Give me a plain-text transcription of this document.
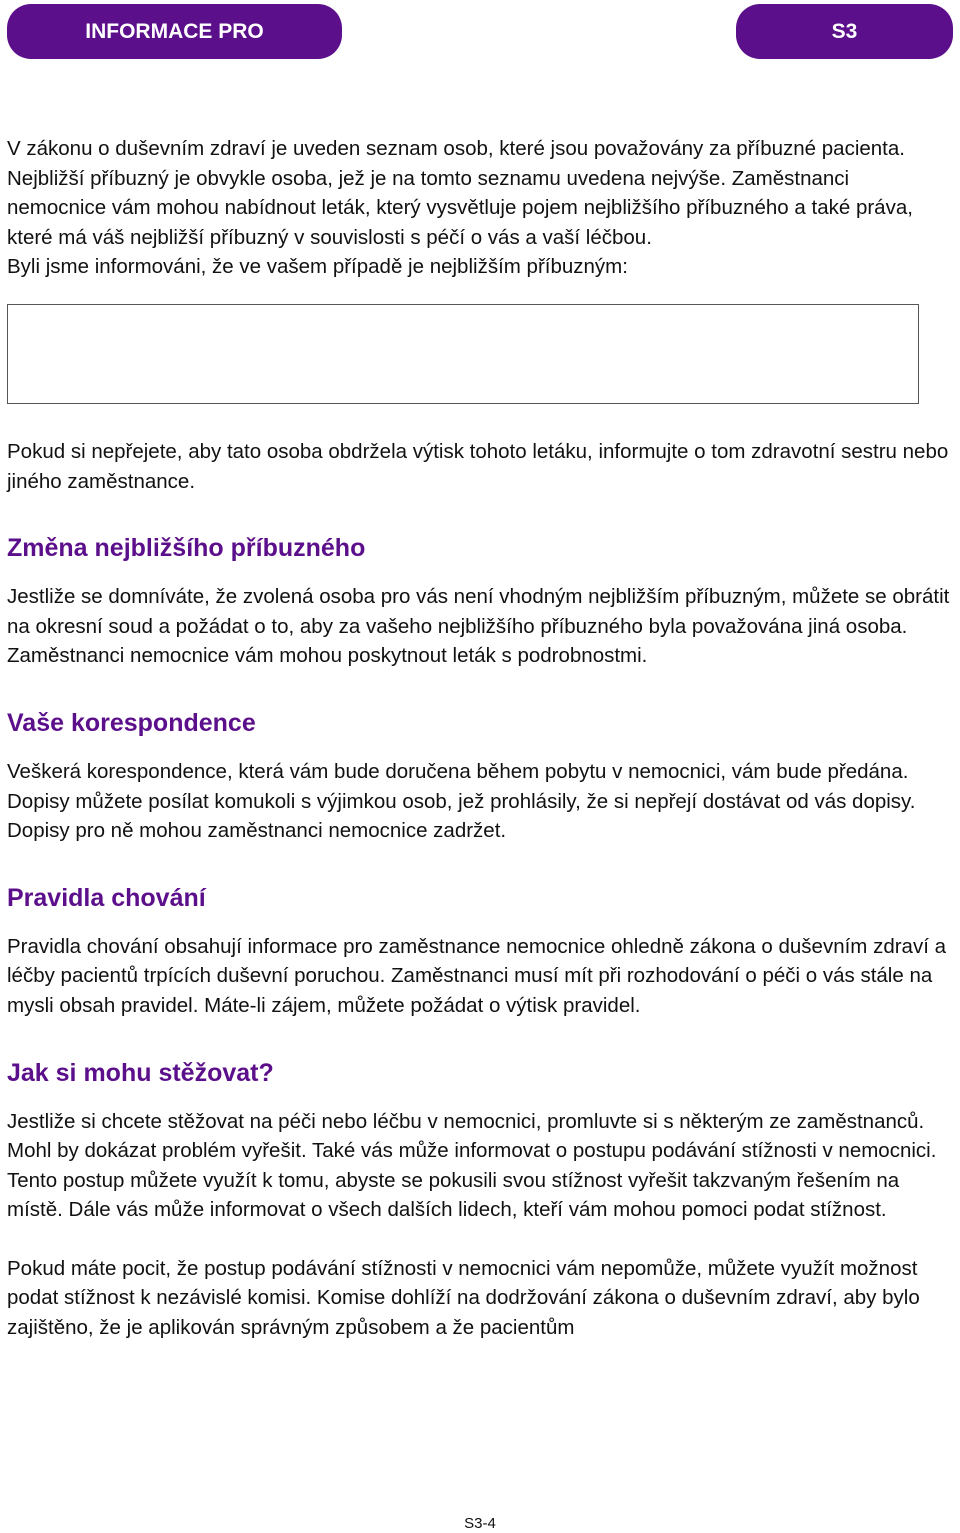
INFORMACE PRO	S3

V zákonu o duševním zdraví je uveden seznam osob, které jsou považovány za příbuzné pacienta. Nejbližší příbuzný je obvykle osoba, jež je na tomto seznamu uvedena nejvýše. Zaměstnanci nemocnice vám mohou nabídnout leták, který vysvětluje pojem nejbližšího příbuzného a také práva, které má váš nejbližší příbuzný v souvislosti s péčí o vás a vaší léčbou.

Byli jsme informováni, že ve vašem případě je nejbližším příbuzným:

Pokud si nepřejete, aby tato osoba obdržela výtisk tohoto letáku, informujte o tom zdravotní sestru nebo jiného zaměstnance.

Změna nejbližšího příbuzného

Jestliže se domníváte, že zvolená osoba pro vás není vhodným nejbližším příbuzným, můžete se obrátit na okresní soud a požádat o to, aby za vašeho nejbližšího příbuzného byla považována jiná osoba.

Zaměstnanci nemocnice vám mohou poskytnout leták s podrobnostmi.

Vaše korespondence

Veškerá korespondence, která vám bude doručena během pobytu v nemocnici, vám bude předána. Dopisy můžete posílat komukoli s výjimkou osob, jež prohlásily, že si nepřejí dostávat od vás dopisy. Dopisy pro ně mohou zaměstnanci nemocnice zadržet.

Pravidla chování

Pravidla chování obsahují informace pro zaměstnance nemocnice ohledně zákona o duševním zdraví a léčby pacientů trpících duševní poruchou. Zaměstnanci musí mít při rozhodování o péči o vás stále na mysli obsah pravidel. Máte-li zájem, můžete požádat o výtisk pravidel.

Jak si mohu stěžovat?

Jestliže si chcete stěžovat na péči nebo léčbu v nemocnici, promluvte si s některým ze zaměstnanců. Mohl by dokázat problém vyřešit. Také vás může informovat o postupu podávání stížnosti v nemocnici. Tento postup můžete využít k tomu, abyste se pokusili svou stížnost vyřešit takzvaným řešením na místě. Dále vás může informovat o všech dalších lidech, kteří vám mohou pomoci podat stížnost.

Pokud máte pocit, že postup podávání stížnosti v nemocnici vám nepomůže, můžete využít možnost podat stížnost k nezávislé komisi. Komise dohlíží na dodržování zákona o duševním zdraví, aby bylo zajištěno, že je aplikován správným způsobem a že pacientům

S3-4
